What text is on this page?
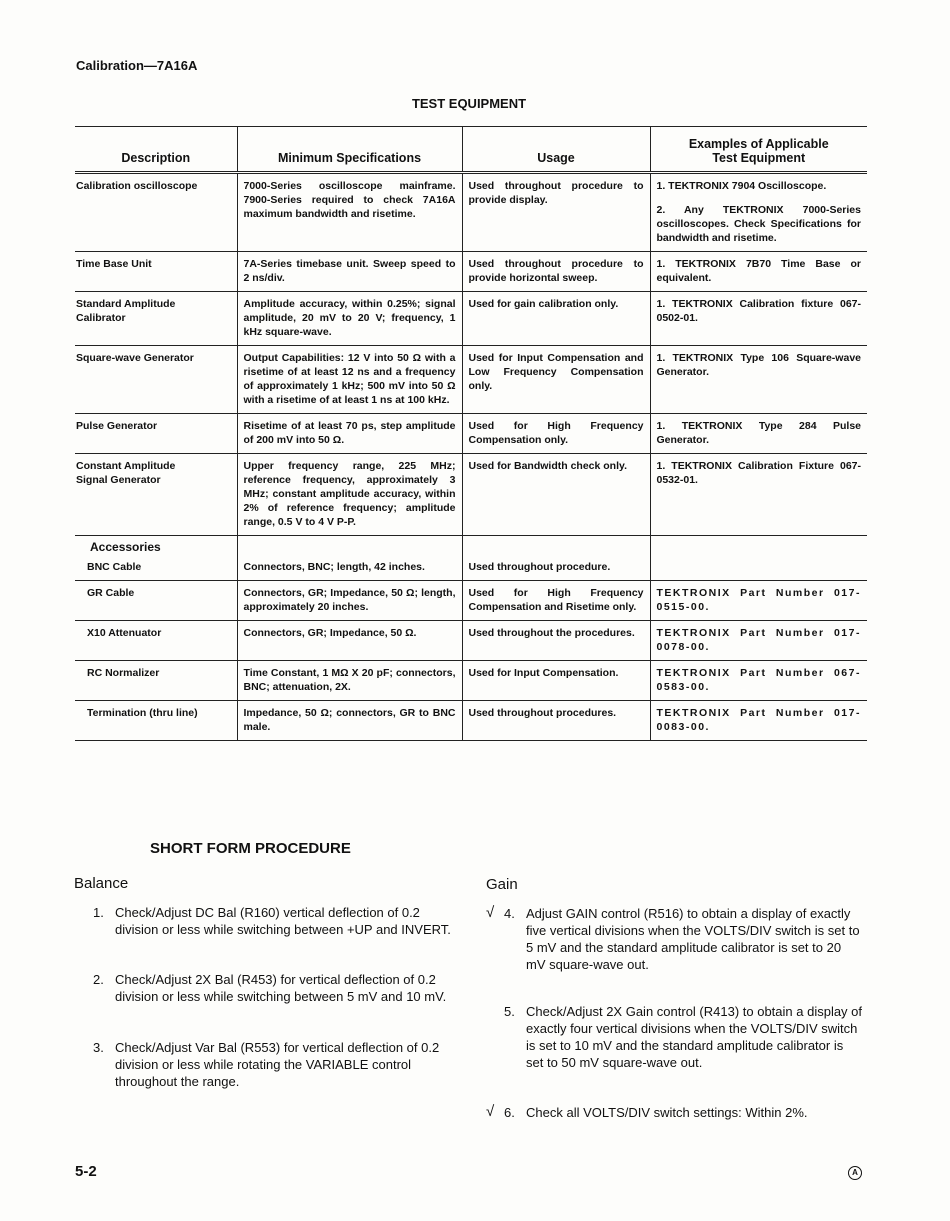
Calibration—7A16A
TEST EQUIPMENT
Description	Minimum Specifications	Usage	Examples of Applicable
Test Equipment
Calibration oscilloscope	7000-Series oscilloscope mainframe. 7900-Series required to check 7A16A maximum bandwidth and risetime.	Used throughout procedure to provide display.	1. TEKTRONIX 7904 Oscilloscope.
2. Any TEKTRONIX 7000-Series oscilloscopes. Check Specifications for bandwidth and risetime.

Time Base Unit	7A-Series timebase unit. Sweep speed to 2 ns/div.	Used throughout procedure to provide horizontal sweep.	1. TEKTRONIX 7B70 Time Base or equivalent.
Standard Amplitude
Calibrator	Amplitude accuracy, within 0.25%; signal amplitude, 20 mV to 20 V; frequency, 1 kHz square-wave.	Used for gain calibration only.	1. TEKTRONIX Calibration fixture 067-0502-01.
Square-wave Generator	Output Capabilities: 12 V into 50 Ω with a risetime of at least 12 ns and a frequency of approximately 1 kHz; 500 mV into 50 Ω with a risetime of at least 1 ns at 100 kHz.	Used for Input Compensation and Low Frequency Compensation only.	1. TEKTRONIX Type 106 Square-wave Generator.
Pulse Generator	Risetime of at least 70 ps, step amplitude of 200 mV into 50 Ω.	Used for High Frequency Compensation only.	1. TEKTRONIX Type 284 Pulse Generator.
Constant Amplitude
Signal Generator	Upper frequency range, 225 MHz; reference frequency, approximately 3 MHz; constant amplitude accuracy, within 2% of reference frequency; amplitude range, 0.5 V to 4 V P-P.	Used for Bandwidth check only.	1. TEKTRONIX Calibration Fixture 067-0532-01.

Accessories
BNC Cable	Connectors, BNC; length, 42 inches.	Used throughout procedure.	
GR Cable	Connectors, GR; Impedance, 50 Ω; length, approximately 20 inches.	Used for High Frequency Compensation and Risetime only.	TEKTRONIX Part Number 017-0515-00.
X10 Attenuator	Connectors, GR; Impedance, 50 Ω.	Used throughout the procedures.	TEKTRONIX Part Number 017-0078-00.
RC Normalizer	Time Constant, 1 MΩ X 20 pF; connectors, BNC; attenuation, 2X.	Used for Input Compensation.	TEKTRONIX Part Number 067-0583-00.
Termination (thru line)	Impedance, 50 Ω; connectors, GR to BNC male.	Used throughout procedures.	TEKTRONIX Part Number 017-0083-00.
SHORT FORM PROCEDURE
Balance	Gain
1. Check/Adjust DC Bal (R160) vertical deflection of 0.2 division or less while switching between +UP and INVERT.
2. Check/Adjust 2X Bal (R453) for vertical deflection of 0.2 division or less while switching between 5 mV and 10 mV.
3. Check/Adjust Var Bal (R553) for vertical deflection of 0.2 division or less while rotating the VARIABLE control throughout the range.
√ 4. Adjust GAIN control (R516) to obtain a display of exactly five vertical divisions when the VOLTS/DIV switch is set to 5 mV and the standard amplitude calibrator is set to 20 mV square-wave out.
5. Check/Adjust 2X Gain control (R413) to obtain a display of exactly four vertical divisions when the VOLTS/DIV switch is set to 10 mV and the standard amplitude calibrator is set to 50 mV square-wave out.
√ 6. Check all VOLTS/DIV switch settings: Within 2%.
5-2	A
